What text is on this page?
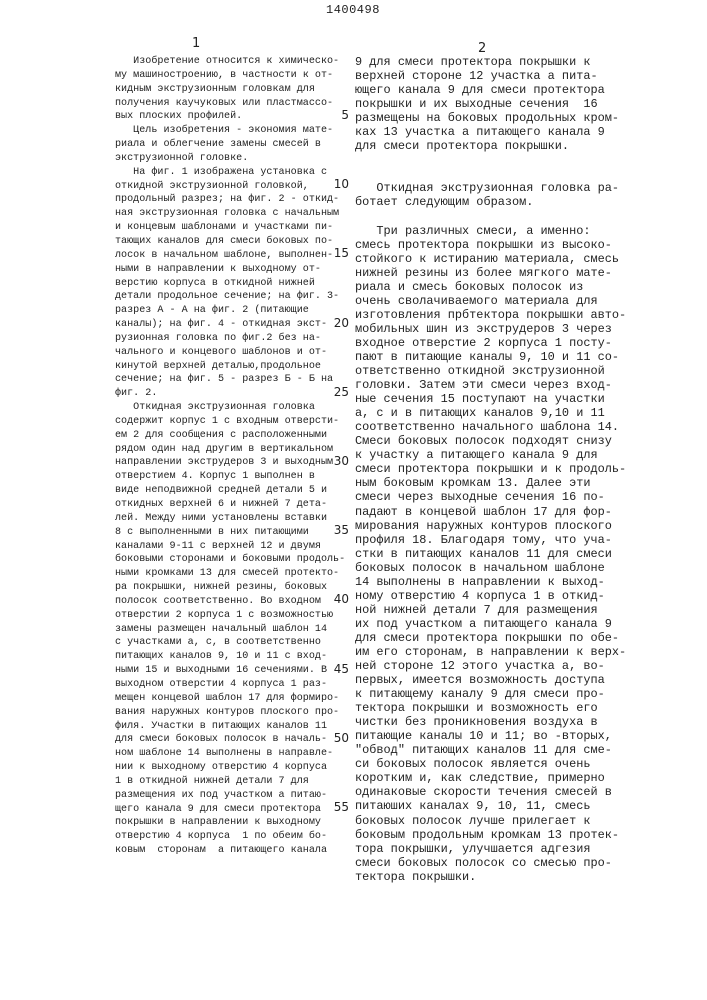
1400498
1	2
Изобретение относится к химическо-
му машиностроению, в частности к от-
кидным экструзионным головкам для
получения каучуковых или пластмассо-
вых плоских профилей.
Цель изобретения - экономия мате-
риала и облегчение замены смесей в
экструзионной головке.
На фиг. 1 изображена установка с
откидной экструзионной головкой,
продольный разрез; на фиг. 2 - откид-
ная экструзионная головка с начальным
и концевым шаблонами и участками пи-
тающих каналов для смеси боковых по-
лосок в начальном шаблоне, выполнен-
ными в направлении к выходному от-
верстию корпуса в откидной нижней
детали продольное сечение; на фиг. 3-
разрез А - А на фиг. 2 (питающие
каналы); на фиг. 4 - откидная экст-
рузионная головка по фиг.2 без на-
чального и концевого шаблонов и от-
кинутой верхней деталью,продольное
сечение; на фиг. 5 - разрез Б - Б на
фиг. 2.
Откидная экструзионная головка
содержит корпус 1 с входным отверсти-
ем 2 для сообщения с расположенными
рядом один над другим в вертикальном
направлении экструдеров 3 и выходным
отверстием 4. Корпус 1 выполнен в
виде неподвижной средней детали 5 и
откидных верхней 6 и нижней 7 дета-
лей. Между ними установлены вставки
8 с выполненными в них питающими
каналами 9-11 с верхней 12 и двумя
боковыми сторонами и боковыми продоль-
ными кромками 13 для смесей протекто-
ра покрышки, нижней резины, боковых
полосок соответственно. Во входном
отверстии 2 корпуса 1 с возможностью
замены размещен начальный шаблон 14
с участками а, с, в соответственно
питающих каналов 9, 10 и 11 с вход-
ными 15 и выходными 16 сечениями. В
выходном отверстии 4 корпуса 1 раз-
мещен концевой шаблон 17 для формиро-
вания наружных контуров плоского про-
филя. Участки в питающих каналов 11
для смеси боковых полосок в началь-
ном шаблоне 14 выполнены в направле-
нии к выходному отверстию 4 корпуса
1 в откидной нижней детали 7 для
размещения их под участком а питаю-
щего канала 9 для смеси протектора
покрышки в направлении к выходному
отверстию 4 корпуса  1 по обеим бо-
ковым  сторонам  а питающего канала
5
10
15
20
25
30
35
40
45
50
55
9 для смеси протектора покрышки к
верхней стороне 12 участка а пита-
ющего канала 9 для смеси протектора
покрышки и их выходные сечения  16
размещены на боковых продольных кром-
ках 13 участка а питающего канала 9
для смеси протектора покрышки.
Откидная экструзионная головка ра-
ботает следующим образом.
Три различных смеси, а именно:
смесь протектора покрышки из высоко-
стойкого к истиранию материала, смесь
нижней резины из более мягкого мате-
риала и смесь боковых полосок из
очень сволачиваемого материала для
изготовления прбтектора покрышки авто-
мобильных шин из экструдеров 3 через
входное отверстие 2 корпуса 1 посту-
пают в питающие каналы 9, 10 и 11 со-
ответственно откидной экструзионной
головки. Затем эти смеси через вход-
ные сечения 15 поступают на участки
а, с и в питающих каналов 9,10 и 11
соответственно начального шаблона 14.
Смеси боковых полосок подходят снизу
к участку а питающего канала 9 для
смеси протектора покрышки и к продоль-
ным боковым кромкам 13. Далее эти
смеси через выходные сечения 16 по-
падают в концевой шаблон 17 для фор-
мирования наружных контуров плоского
профиля 18. Благодаря тому, что уча-
стки в питающих каналов 11 для смеси
боковых полосок в начальном шаблоне
14 выполнены в направлении к выход-
ному отверстию 4 корпуса 1 в откид-
ной нижней детали 7 для размещения
их под участком а питающего канала 9
для смеси протектора покрышки по обе-
им его сторонам, в направлении к верх-
ней стороне 12 этого участка а, во-
первых, имеется возможность доступа
к питающему каналу 9 для смеси про-
тектора покрышки и возможность его
чистки без проникновения воздуха в
питающие каналы 10 и 11; во -вторых,
"обвод" питающих каналов 11 для сме-
си боковых полосок является очень
коротким и, как следствие, примерно
одинаковые скорости течения смесей в
питаюших каналах 9, 10, 11, смесь
боковых полосок лучше прилегает к
боковым продольным кромкам 13 протек-
тора покрышки, улучшается адгезия
смеси боковых полосок со смесью про-
тектора покрышки.
